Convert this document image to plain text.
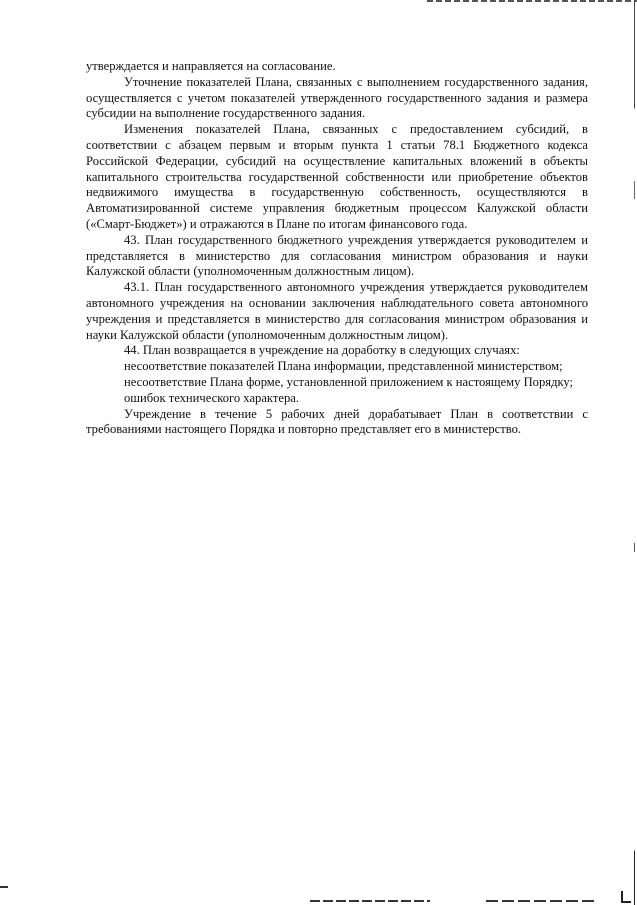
утверждается и направляется на согласование.

Уточнение показателей Плана, связанных с выполнением государственного задания, осуществляется с учетом показателей утвержденного государственного задания и размера субсидии на выполнение государственного задания.

Изменения показателей Плана, связанных с предоставлением субсидий, в соответствии с абзацем первым и вторым пункта 1 статьи 78.1 Бюджетного кодекса Российской Федерации, субсидий на осуществление капитальных вложений в объекты капитального строительства государственной собственности или приобретение объектов недвижимого имущества в государственную собственность, осуществляются в Автоматизированной системе управления бюджетным процессом Калужской области («Смарт-Бюджет») и отражаются в Плане по итогам финансового года.

43. План государственного бюджетного учреждения утверждается руководителем и представляется в министерство для согласования министром образования и науки Калужской области (уполномоченным должностным лицом).

43.1. План государственного автономного учреждения утверждается руководителем автономного учреждения на основании заключения наблюдательного совета автономного учреждения и представляется в министерство для согласования министром образования и науки Калужской области (уполномоченным должностным лицом).

44. План возвращается в учреждение на доработку в следующих случаях:

несоответствие показателей Плана информации, представленной министерством;

несоответствие Плана форме, установленной приложением к настоящему Порядку;

ошибок технического характера.

Учреждение в течение 5 рабочих дней дорабатывает План в соответствии с требованиями настоящего Порядка и повторно представляет его в министерство.
